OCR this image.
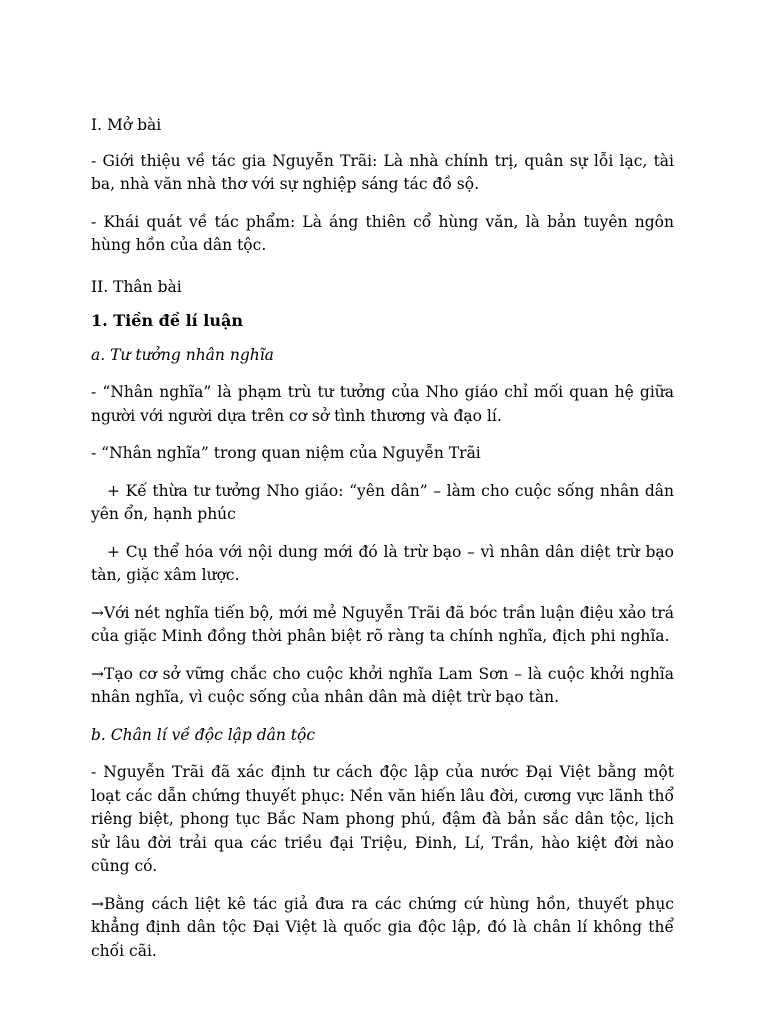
I. Mở bài

- Giới thiệu về tác gia Nguyễn Trãi: Là nhà chính trị, quân sự lỗi lạc, tài ba, nhà văn nhà thơ với sự nghiệp sáng tác đồ sộ.

- Khái quát về tác phẩm: Là áng thiên cổ hùng văn, là bản tuyên ngôn hùng hồn của dân tộc.

II. Thân bài

1. Tiền đề lí luận

a. Tư tưởng nhân nghĩa

- “Nhân nghĩa” là phạm trù tư tưởng của Nho giáo chỉ mối quan hệ giữa người với người dựa trên cơ sở tình thương và đạo lí.

- “Nhân nghĩa” trong quan niệm của Nguyễn Trãi

+ Kế thừa tư tưởng Nho giáo: “yên dân” – làm cho cuộc sống nhân dân yên ổn, hạnh phúc

+ Cụ thể hóa với nội dung mới đó là trừ bạo – vì nhân dân diệt trừ bạo tàn, giặc xâm lược.

→Với nét nghĩa tiến bộ, mới mẻ Nguyễn Trãi đã bóc trần luận điệu xảo trá của giặc Minh đồng thời phân biệt rõ ràng ta chính nghĩa, địch phi nghĩa.

→Tạo cơ sở vững chắc cho cuộc khởi nghĩa Lam Sơn – là cuộc khởi nghĩa nhân nghĩa, vì cuộc sống của nhân dân mà diệt trừ bạo tàn.

b. Chân lí về độc lập dân tộc

- Nguyễn Trãi đã xác định tư cách độc lập của nước Đại Việt bằng một loạt các dẫn chứng thuyết phục: Nền văn hiến lâu đời, cương vực lãnh thổ riêng biệt, phong tục Bắc Nam phong phú, đậm đà bản sắc dân tộc, lịch sử lâu đời trải qua các triều đại Triệu, Đinh, Lí, Trần, hào kiệt đời nào cũng có.

→Bằng cách liệt kê tác giả đưa ra các chứng cứ hùng hồn, thuyết phục khẳng định dân tộc Đại Việt là quốc gia độc lập, đó là chân lí không thể chối cãi.
